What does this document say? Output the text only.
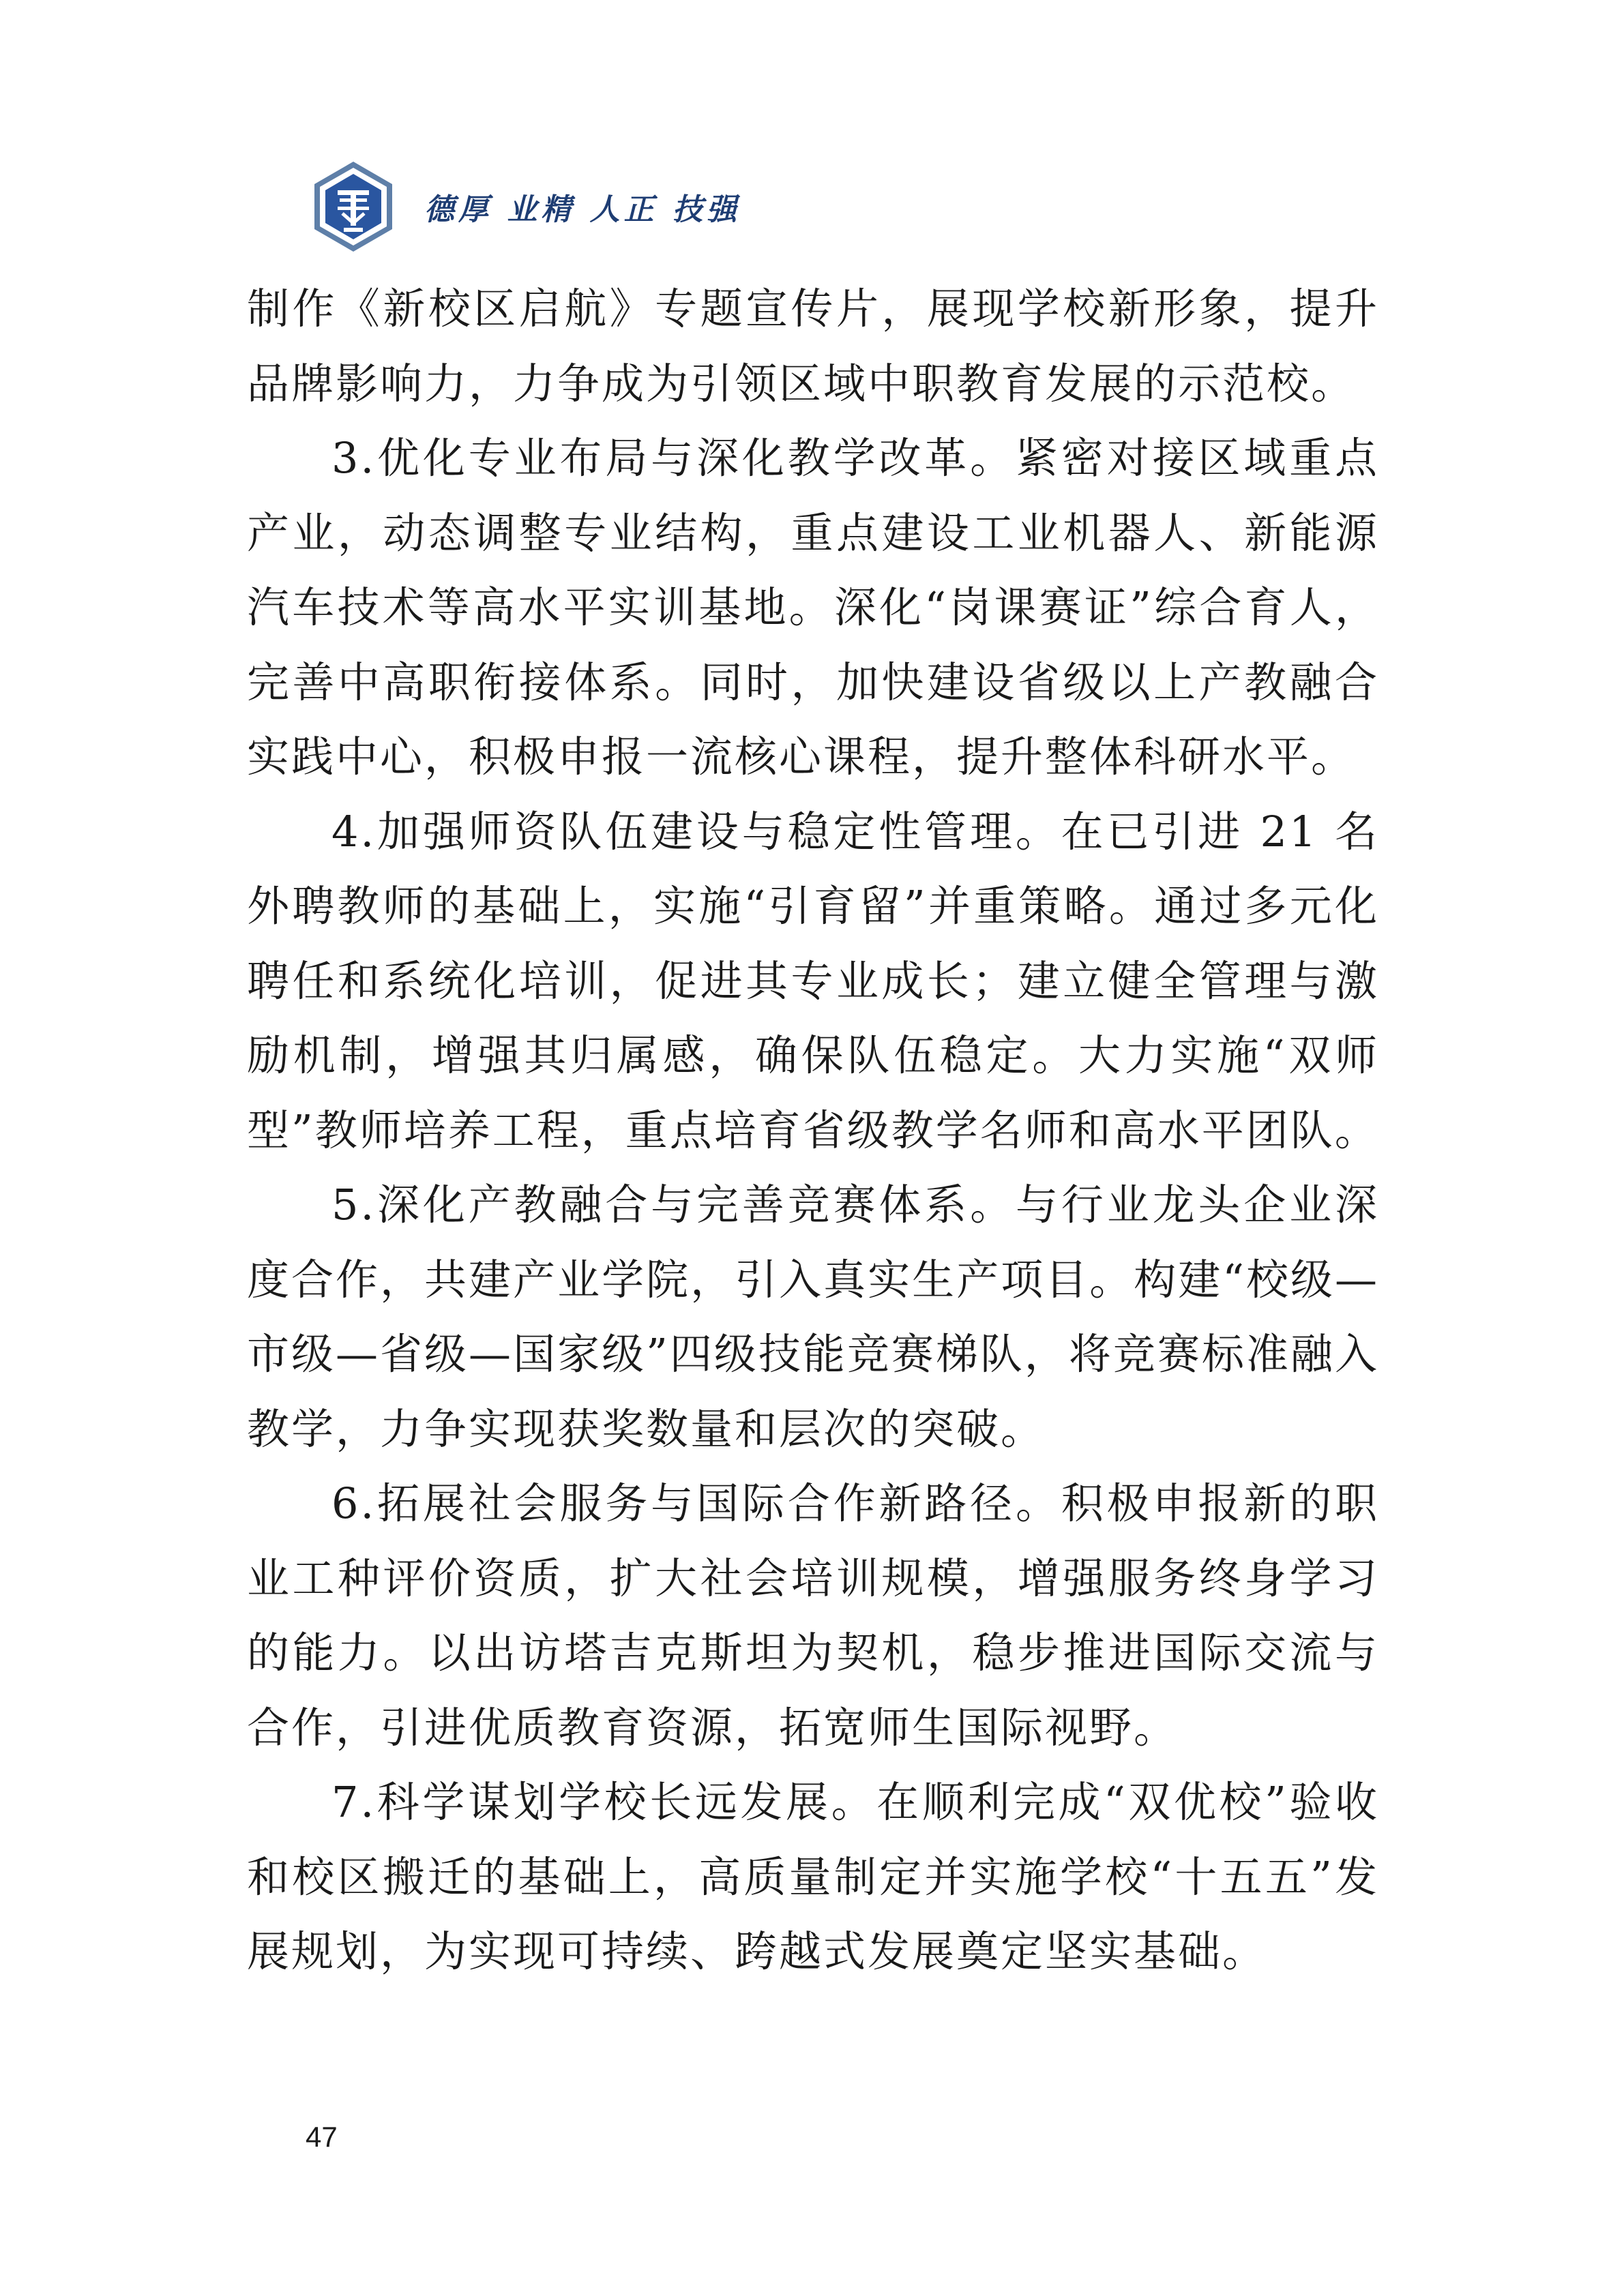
德厚 业精 人正 技强

制作《新校区启航》专题宣传片，展现学校新形象，提升品牌影响力，力争成为引领区域中职教育发展的示范校。

3.优化专业布局与深化教学改革。紧密对接区域重点产业，动态调整专业结构，重点建设工业机器人、新能源汽车技术等高水平实训基地。深化“岗课赛证”综合育人，完善中高职衔接体系。同时，加快建设省级以上产教融合实践中心，积极申报一流核心课程，提升整体科研水平。

4.加强师资队伍建设与稳定性管理。在已引进 21 名外聘教师的基础上，实施“引育留”并重策略。通过多元化聘任和系统化培训，促进其专业成长；建立健全管理与激励机制，增强其归属感，确保队伍稳定。大力实施“双师型”教师培养工程，重点培育省级教学名师和高水平团队。

5.深化产教融合与完善竞赛体系。与行业龙头企业深度合作，共建产业学院，引入真实生产项目。构建“校级—市级—省级—国家级”四级技能竞赛梯队，将竞赛标准融入教学，力争实现获奖数量和层次的突破。

6.拓展社会服务与国际合作新路径。积极申报新的职业工种评价资质，扩大社会培训规模，增强服务终身学习的能力。以出访塔吉克斯坦为契机，稳步推进国际交流与合作，引进优质教育资源，拓宽师生国际视野。

7.科学谋划学校长远发展。在顺利完成“双优校”验收和校区搬迁的基础上，高质量制定并实施学校“十五五”发展规划，为实现可持续、跨越式发展奠定坚实基础。

47
